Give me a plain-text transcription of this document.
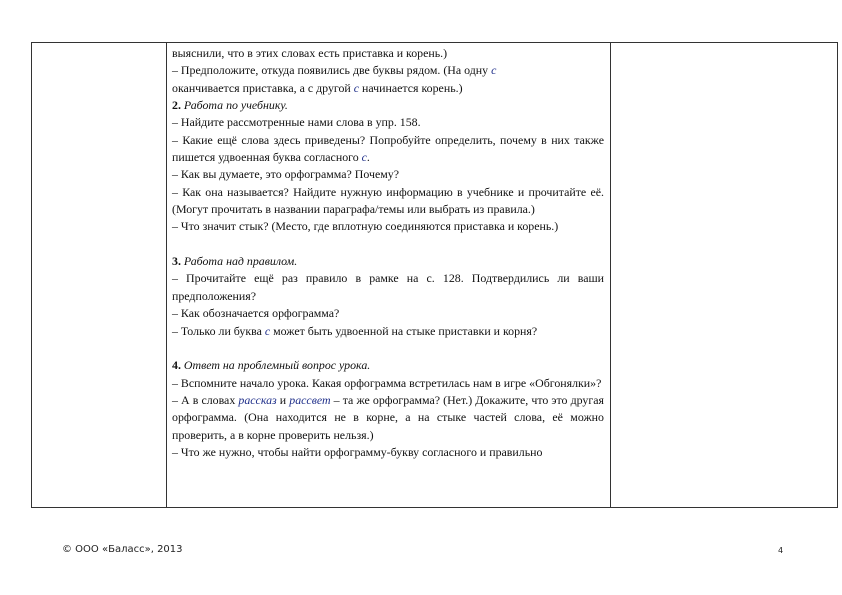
выяснили, что в этих словах есть приставка и корень.)

– Предположите, откуда появились две буквы рядом. (На одну с
оканчивается приставка, а с другой с начинается корень.)

2. Работа по учебнику.

– Найдите рассмотренные нами слова в упр. 158.

– Какие ещё слова здесь приведены? Попробуйте определить, почему в них также пишется удвоенная буква согласного с.

– Как вы думаете, это орфограмма? Почему?

– Как она называется? Найдите нужную информацию в учебнике и прочитайте её. (Могут прочитать в названии параграфа/темы или выбрать из правила.)

– Что значит стык? (Место, где вплотную соединяются приставка и корень.)

3. Работа над правилом.

– Прочитайте ещё раз правило в рамке на с. 128. Подтвердились ли ваши предположения?

– Как обозначается орфограмма?

– Только ли буква с может быть удвоенной на стыке приставки и корня?

4. Ответ на проблемный вопрос урока.

– Вспомните начало урока. Какая орфограмма встретилась нам в игре «Обгонялки»?

– А в словах рассказ и рассвет – та же орфограмма? (Нет.) Докажите, что это другая орфограмма. (Она находится не в корне, а на стыке частей слова, её можно проверить, а в корне проверить нельзя.)

– Что же нужно, чтобы найти орфограмму-букву согласного и правильно

© ООО «Баласс», 2013	4
